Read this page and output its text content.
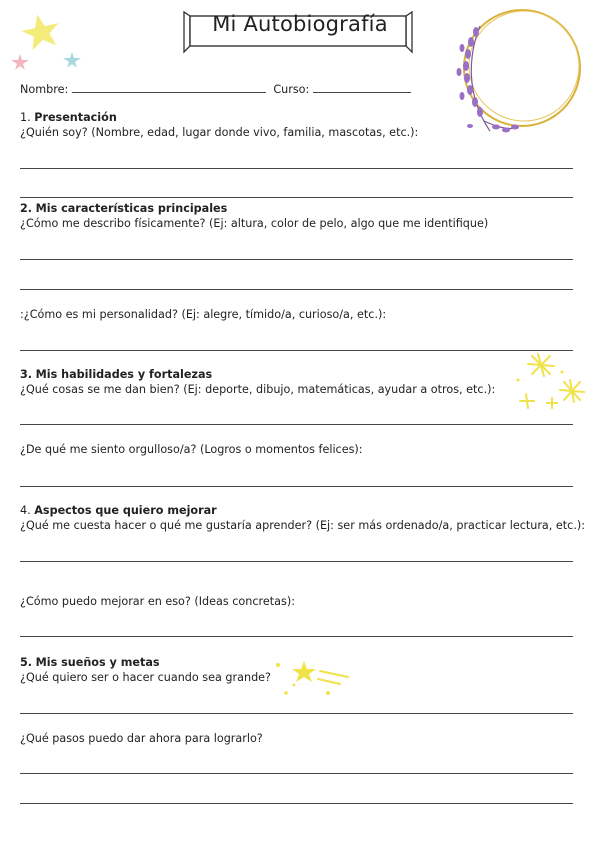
Mi Autobiografía
Nombre:	Curso:
1. Presentación
¿Quién soy? (Nombre, edad, lugar donde vivo, familia, mascotas, etc.):
2. Mis características principales
¿Cómo me describo físicamente? (Ej: altura, color de pelo, algo que me identifique)
:¿Cómo es mi personalidad? (Ej: alegre, tímido/a, curioso/a, etc.):
3. Mis habilidades y fortalezas
¿Qué cosas se me dan bien? (Ej: deporte, dibujo, matemáticas, ayudar a otros, etc.):
¿De qué me siento orgulloso/a? (Logros o momentos felices):
4. Aspectos que quiero mejorar
¿Qué me cuesta hacer o qué me gustaría aprender? (Ej: ser más ordenado/a, practicar lectura, etc.):
¿Cómo puedo mejorar en eso? (Ideas concretas):
5. Mis sueños y metas
¿Qué quiero ser o hacer cuando sea grande?
¿Qué pasos puedo dar ahora para lograrlo?
